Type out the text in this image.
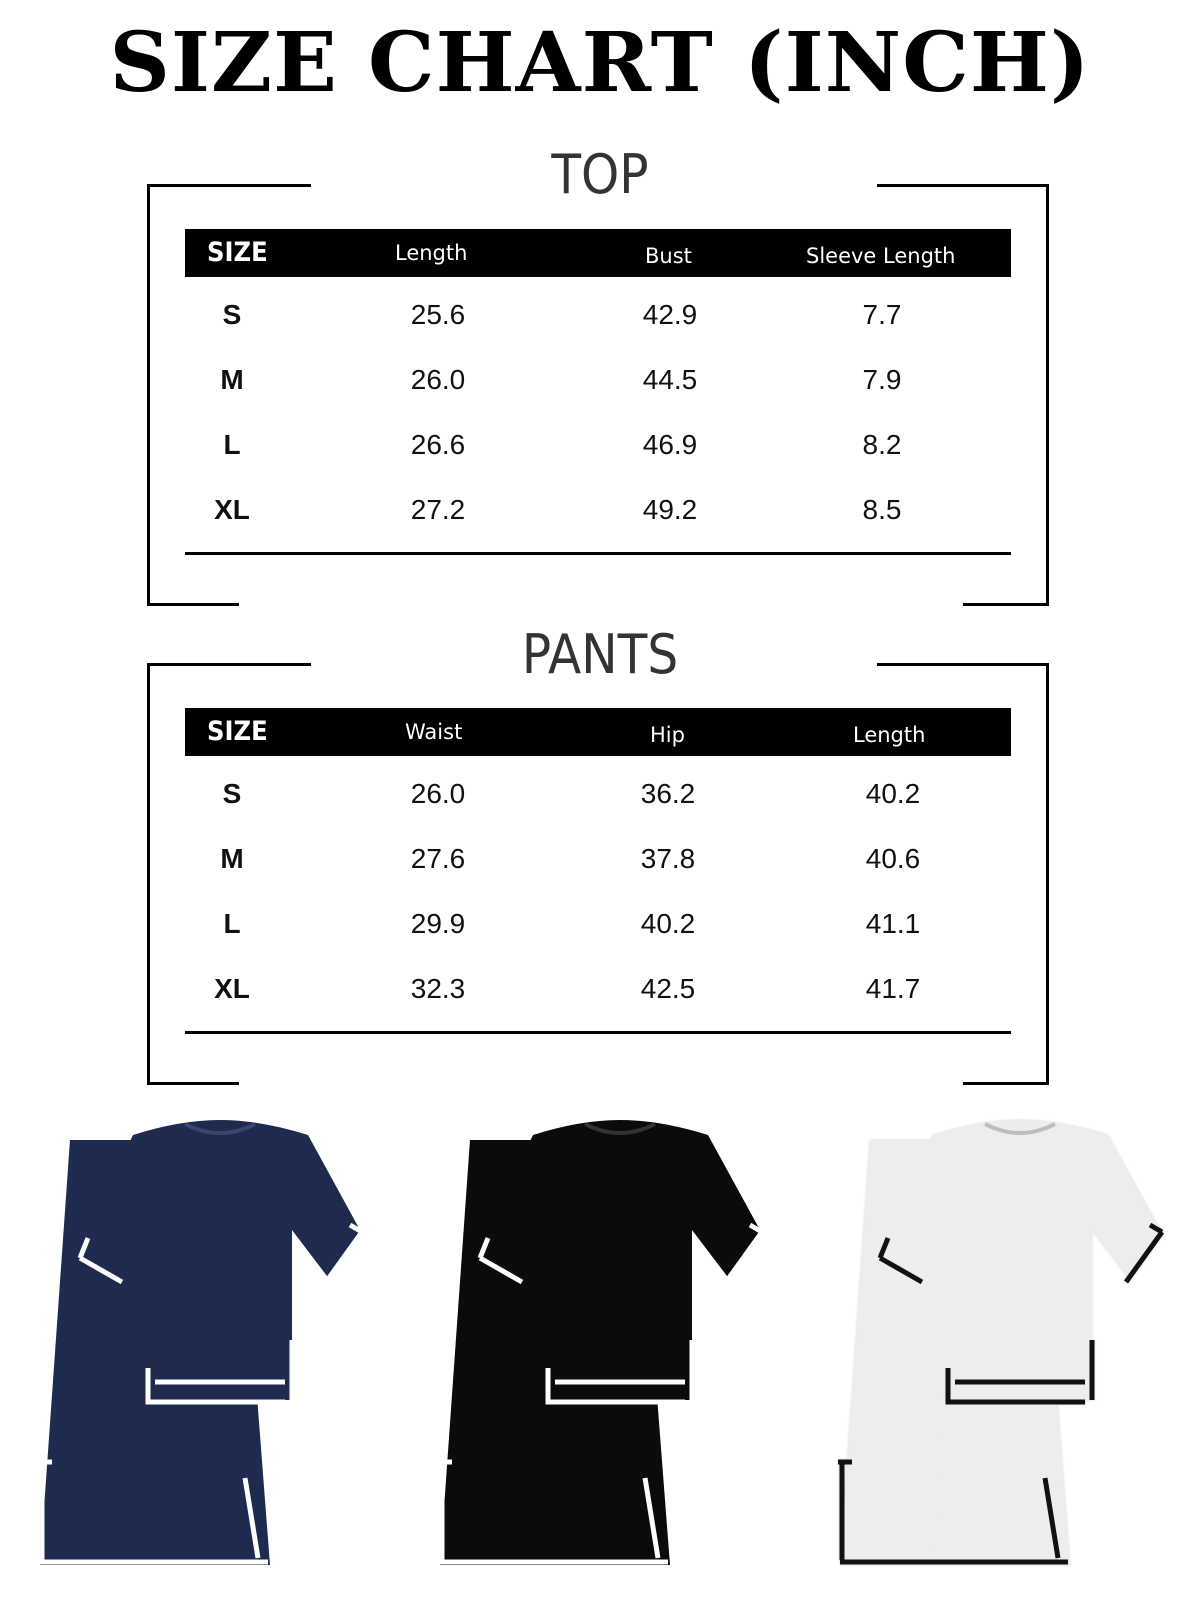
SIZE CHART (INCH)
TOP
SIZE	Length	Bust	Sleeve Length
S	25.6	42.9	7.7
M	26.0	44.5	7.9
L	26.6	46.9	8.2
XL	27.2	49.2	8.5
PANTS
SIZE	Waist	Hip	Length
S	26.0	36.2	40.2
M	27.6	37.8	40.6
L	29.9	40.2	41.1
XL	32.3	42.5	41.7
